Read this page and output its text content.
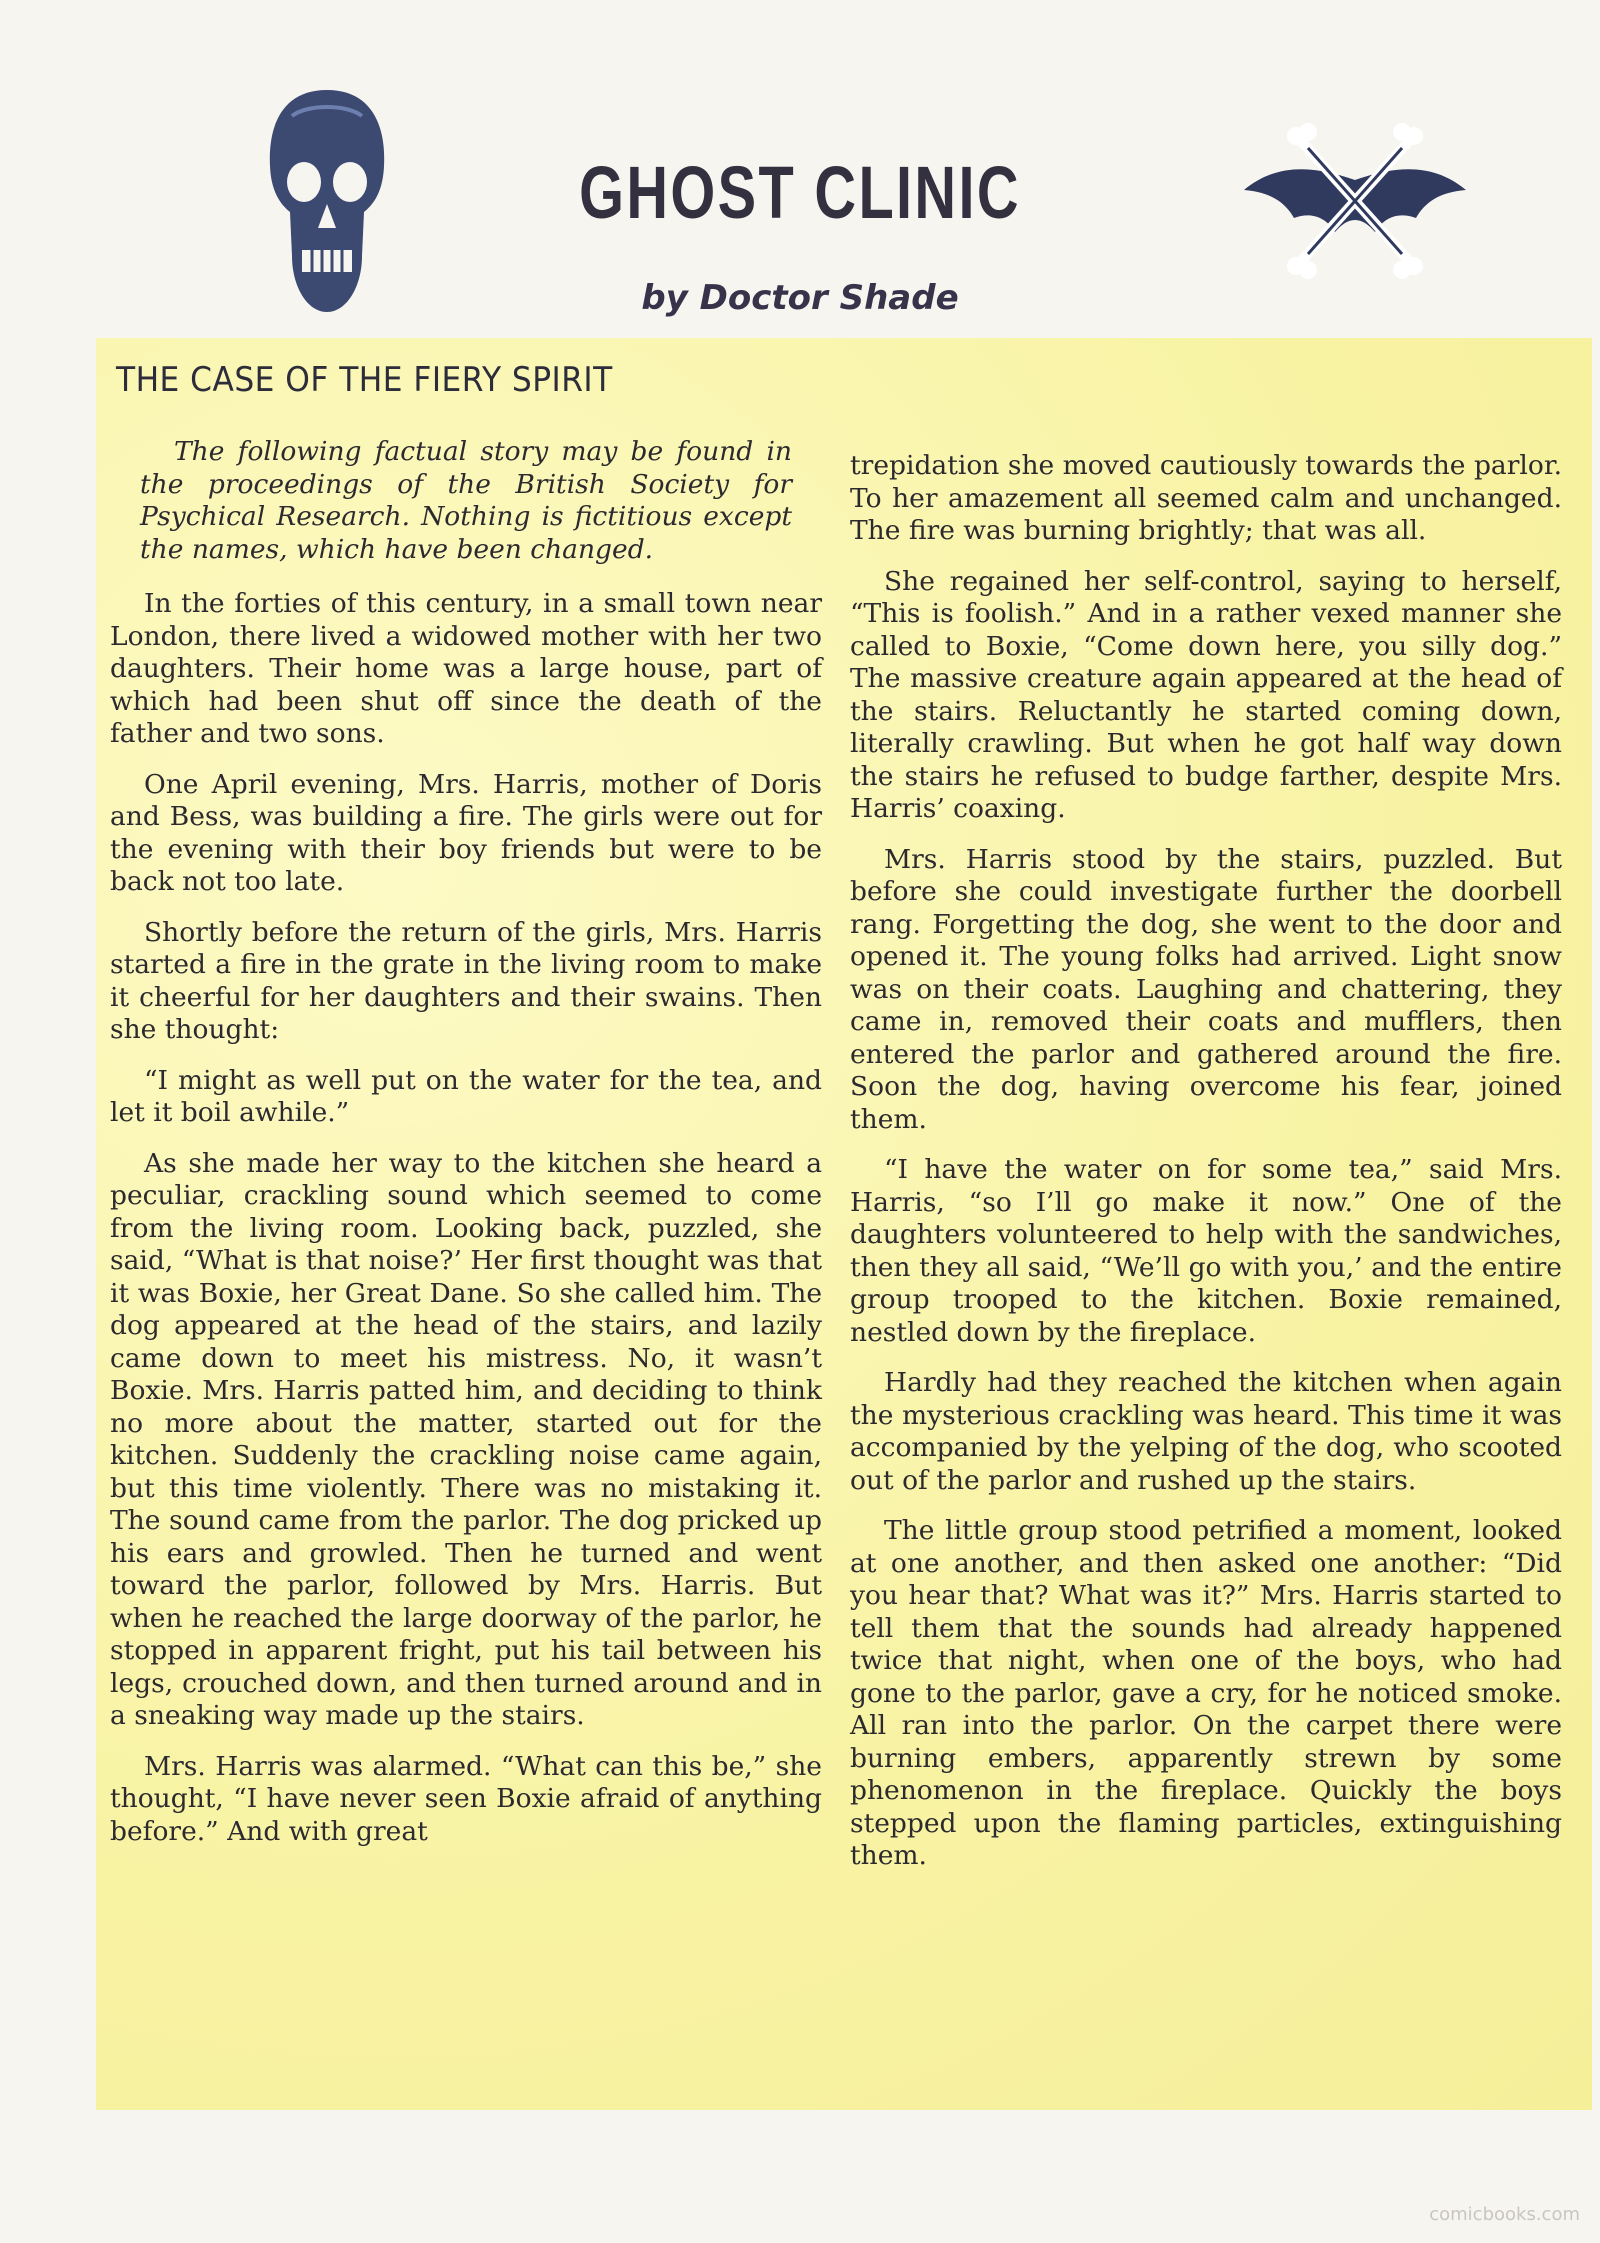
GHOST CLINIC
by Doctor Shade
THE CASE OF THE FIERY SPIRIT

The following factual story may be found in the proceedings of the British Society for Psychical Research. Nothing is fictitious except the names, which have been changed.

In the forties of this century, in a small town near London, there lived a widowed mother with her two daughters. Their home was a large house, part of which had been shut off since the death of the father and two sons.

One April evening, Mrs. Harris, mother of Doris and Bess, was building a fire. The girls were out for the evening with their boy friends but were to be back not too late.

Shortly before the return of the girls, Mrs. Harris started a fire in the grate in the living room to make it cheerful for her daughters and their swains. Then she thought:

“I might as well put on the water for the tea, and let it boil awhile.”

As she made her way to the kitchen she heard a peculiar, crackling sound which seemed to come from the living room. Looking back, puzzled, she said, “What is that noise?’ Her first thought was that it was Boxie, her Great Dane. So she called him. The dog appeared at the head of the stairs, and lazily came down to meet his mistress. No, it wasn’t Boxie. Mrs. Harris patted him, and deciding to think no more about the matter, started out for the kitchen. Suddenly the crackling noise came again, but this time violently. There was no mistaking it. The sound came from the parlor. The dog pricked up his ears and growled. Then he turned and went toward the parlor, followed by Mrs. Harris. But when he reached the large doorway of the parlor, he stopped in apparent fright, put his tail between his legs, crouched down, and then turned around and in a sneaking way made up the stairs.

Mrs. Harris was alarmed. “What can this be,” she thought, “I have never seen Boxie afraid of anything before.” And with great

trepidation she moved cautiously towards the parlor. To her amazement all seemed calm and unchanged. The fire was burning brightly; that was all.

She regained her self-control, saying to herself, “This is foolish.” And in a rather vexed manner she called to Boxie, “Come down here, you silly dog.” The massive creature again appeared at the head of the stairs. Reluctantly he started coming down, literally crawling. But when he got half way down the stairs he refused to budge farther, despite Mrs. Harris’ coaxing.

Mrs. Harris stood by the stairs, puzzled. But before she could investigate further the doorbell rang. Forgetting the dog, she went to the door and opened it. The young folks had arrived. Light snow was on their coats. Laughing and chattering, they came in, removed their coats and mufflers, then entered the parlor and gathered around the fire. Soon the dog, having overcome his fear, joined them.

“I have the water on for some tea,” said Mrs. Harris, “so I’ll go make it now.” One of the daughters volunteered to help with the sandwiches, then they all said, “We’ll go with you,’ and the entire group trooped to the kitchen. Boxie remained, nestled down by the fireplace.

Hardly had they reached the kitchen when again the mysterious crackling was heard. This time it was accompanied by the yelping of the dog, who scooted out of the parlor and rushed up the stairs.

The little group stood petrified a moment, looked at one another, and then asked one another: “Did you hear that? What was it?” Mrs. Harris started to tell them that the sounds had already happened twice that night, when one of the boys, who had gone to the parlor, gave a cry, for he noticed smoke. All ran into the parlor. On the carpet there were burning embers, apparently strewn by some phenomenon in the fireplace. Quickly the boys stepped upon the flaming particles, extinguishing them.

comicbooks.com
